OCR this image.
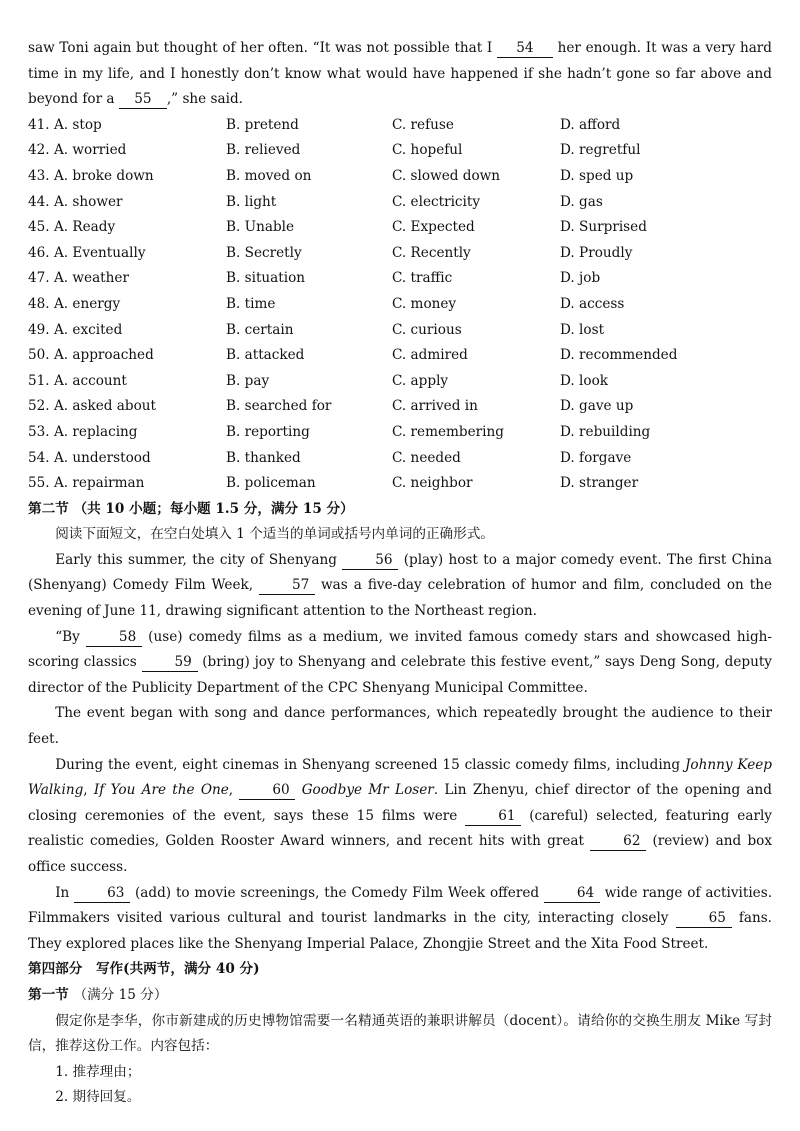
saw Toni again but thought of her often. “It was not possible that I 54 her enough. It was a very hard time in my life, and I honestly don’t know what would have happened if she hadn’t gone so far above and beyond for a 55 ,” she said.

41. A. stop	B. pretend	C. refuse	D. afford
42. A. worried	B. relieved	C. hopeful	D. regretful
43. A. broke down	B. moved on	C. slowed down	D. sped up
44. A. shower	B. light	C. electricity	D. gas
45. A. Ready	B. Unable	C. Expected	D. Surprised
46. A. Eventually	B. Secretly	C. Recently	D. Proudly
47. A. weather	B. situation	C. traffic	D. job
48. A. energy	B. time	C. money	D. access
49. A. excited	B. certain	C. curious	D. lost
50. A. approached	B. attacked	C. admired	D. recommended
51. A. account	B. pay	C. apply	D. look
52. A. asked about	B. searched for	C. arrived in	D. gave up
53. A. replacing	B. reporting	C. remembering	D. rebuilding
54. A. understood	B. thanked	C. needed	D. forgave
55. A. repairman	B. policeman	C. neighbor	D. stranger

第二节 （共 10 小题；每小题 1.5 分，满分 15 分）

阅读下面短文，在空白处填入 1 个适当的单词或括号内单词的正确形式。

Early this summer, the city of Shenyang	56 (play) host to a major comedy event. The first China (Shenyang) Comedy Film Week,	57 was a five-day celebration of humor and film, concluded on the evening of June 11, drawing significant attention to the Northeast region.

“By	58 (use) comedy films as a medium, we invited famous comedy stars and showcased high-scoring classics	59 (bring) joy to Shenyang and celebrate this festive event,” says Deng Song, deputy director of the Publicity Department of the CPC Shenyang Municipal Committee.

The event began with song and dance performances, which repeatedly brought the audience to their feet.

During the event, eight cinemas in Shenyang screened 15 classic comedy films, including Johnny Keep Walking, If You Are the One,	60 Goodbye Mr Loser. Lin Zhenyu, chief director of the opening and closing ceremonies of the event, says these 15 films were	61 (careful) selected, featuring early realistic comedies, Golden Rooster Award winners, and recent hits with great	62 (review) and box office success.

In	63 (add) to movie screenings, the Comedy Film Week offered	64 wide range of activities. Filmmakers visited various cultural and tourist landmarks in the city, interacting closely	65 fans. They explored places like the Shenyang Imperial Palace, Zhongjie Street and the Xita Food Street.

第四部分　写作(共两节，满分 40 分)

第一节 （满分 15 分）

假定你是李华，你市新建成的历史博物馆需要一名精通英语的兼职讲解员（docent）。请给你的交换生朋友 Mike 写封信，推荐这份工作。内容包括：

1. 推荐理由；

2. 期待回复。
